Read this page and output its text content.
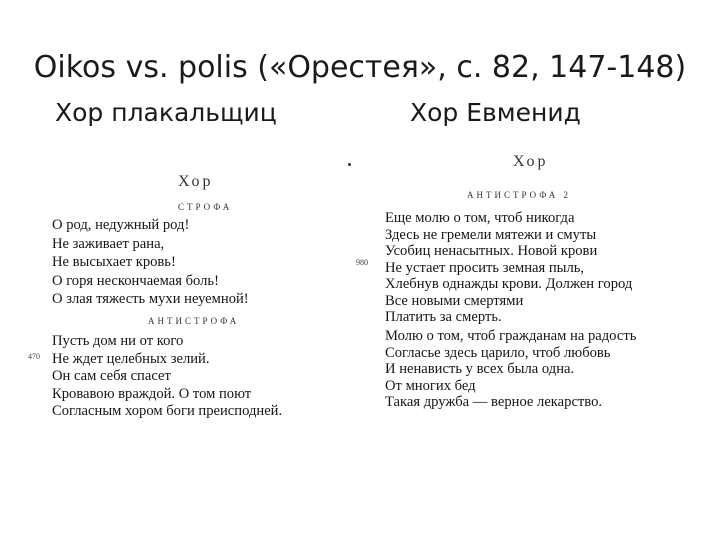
Oikos vs. polis («Орестея», с. 82, 147-148)
Хор плакальщиц	Хор Евменид
Хор
СТРОФА
О род, недужный род!
Не заживает рана,
Не высыхает кровь!
О горя нескончаемая боль!
О злая тяжесть мухи неуемной!
АНТИСТРОФА
Пусть дом ни от кого
Не ждет целебных зелий.
Он сам себя спасет
Кровавою враждой. О том поют
Согласным хором боги преисподней.
470
Хор
АНТИСТРОФА 2
Еще молю о том, чтоб никогда
Здесь не гремели мятежи и смуты
Усобиц ненасытных. Новой крови
Не устает просить земная пыль,
Хлебнув однажды крови. Должен город
Все новыми смертями
Платить за смерть.
Молю о том, чтоб гражданам на радость
Согласье здесь царило, чтоб любовь
И ненависть у всех была одна.
От многих бед
Такая дружба — верное лекарство.
980
